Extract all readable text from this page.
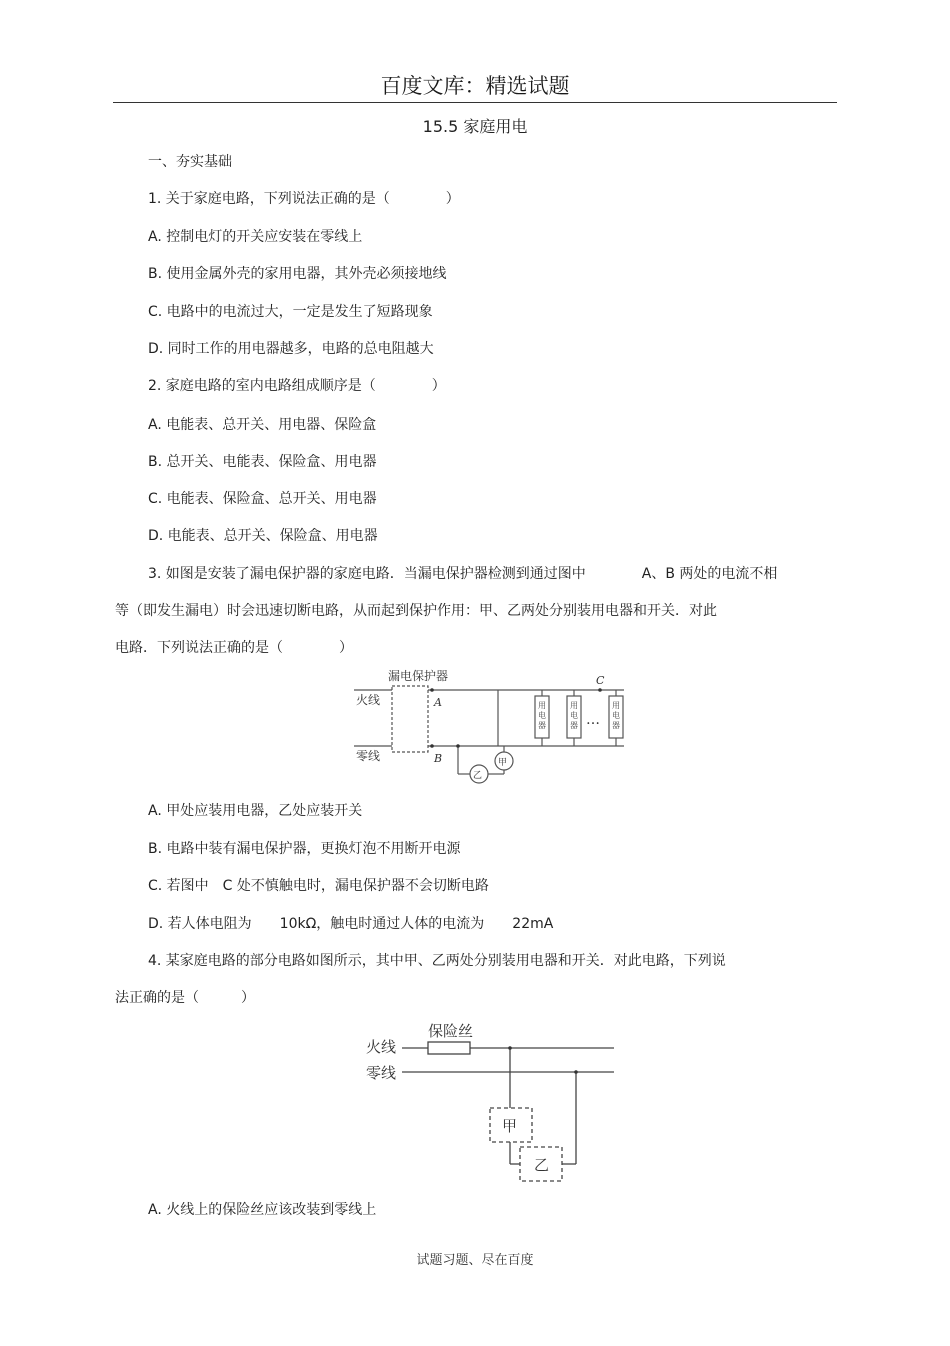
百度文库：精选试题
15.5 家庭用电
一、夯实基础
1. 关于家庭电路，下列说法正确的是（　　　　）
A. 控制电灯的开关应安装在零线上
B. 使用金属外壳的家用电器，其外壳必须接地线
C. 电路中的电流过大，一定是发生了短路现象
D. 同时工作的用电器越多，电路的总电阻越大
2. 家庭电路的室内电路组成顺序是（　　　　）
A. 电能表、总开关、用电器、保险盒
B. 总开关、电能表、保险盒、用电器
C. 电能表、保险盒、总开关、用电器
D. 电能表、总开关、保险盒、用电器
3. 如图是安装了漏电保护器的家庭电路．当漏电保护器检测到通过图中　　　　A、B 两处的电流不相
等（即发生漏电）时会迅速切断电路，从而起到保护作用：甲、乙两处分别装用电器和开关．对此
电路．下列说法正确的是（　　　　）
漏电保护器
火线
零线
A
B
C
…
甲
乙
用电器
用电器
用电器
A. 甲处应装用电器，乙处应装开关
B. 电路中装有漏电保护器，更换灯泡不用断开电源
C. 若图中　C 处不慎触电时，漏电保护器不会切断电路
D. 若人体电阻为　　10kΩ，触电时通过人体的电流为　　22mA
4. 某家庭电路的部分电路如图所示，其中甲、乙两处分别装用电器和开关．对此电路，下列说
法正确的是（　　　）
保险丝
火线
零线
甲
乙
A. 火线上的保险丝应该改装到零线上
试题习题、尽在百度
